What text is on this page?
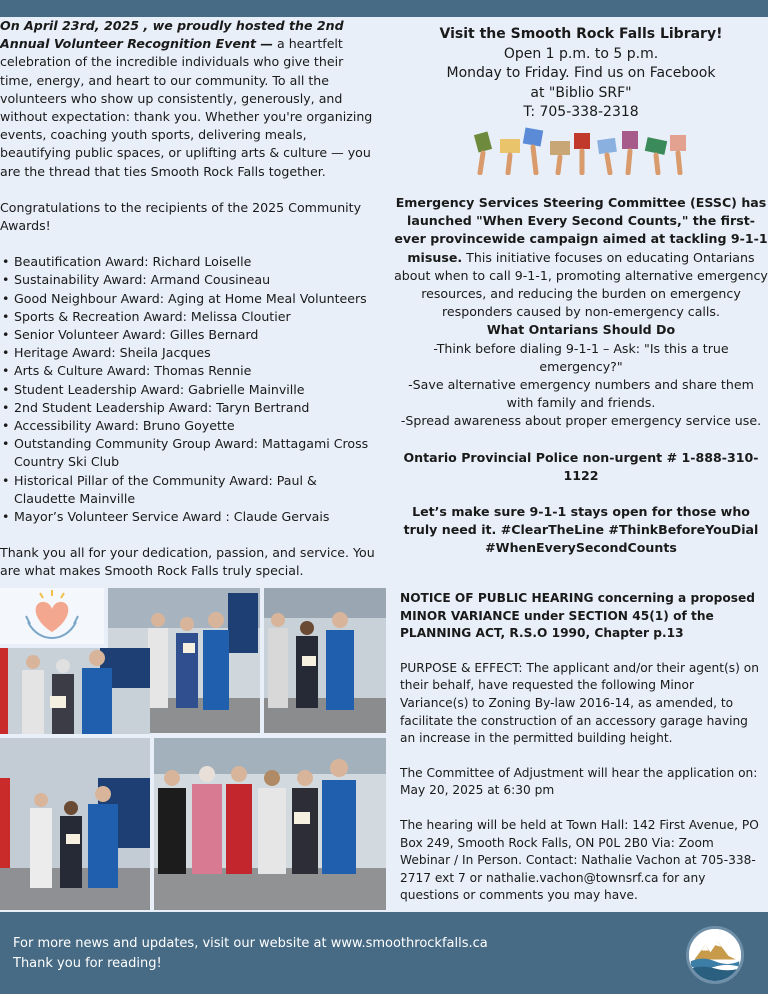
On April 23rd, 2025 , we proudly hosted the 2nd Annual Volunteer Recognition Event — a heartfelt celebration of the incredible individuals who give their time, energy, and heart to our community. To all the volunteers who show up consistently, generously, and without expectation: thank you. Whether you're organizing events, coaching youth sports, delivering meals, beautifying public spaces, or uplifting arts & culture — you are the thread that ties Smooth Rock Falls together.

Congratulations to the recipients of the 2025 Community Awards!

• Beautification Award: Richard Loiselle
• Sustainability Award: Armand Cousineau
• Good Neighbour Award: Aging at Home Meal Volunteers
• Sports & Recreation Award: Melissa Cloutier
• Senior Volunteer Award: Gilles Bernard
• Heritage Award: Sheila Jacques
• Arts & Culture Award: Thomas Rennie
• Student Leadership Award: Gabrielle Mainville
• 2nd Student Leadership Award: Taryn Bertrand
• Accessibility Award: Bruno Goyette
• Outstanding Community Group Award: Mattagami Cross Country Ski Club
• Historical Pillar of the Community Award: Paul & Claudette Mainville
• Mayor’s Volunteer Service Award : Claude Gervais

Thank you all for your dedication, passion, and service. You are what makes Smooth Rock Falls truly special.

Visit the Smooth Rock Falls Library!
Open 1 p.m. to 5 p.m.
Monday to Friday. Find us on Facebook
at "Biblio SRF"
T: 705-338-2318

Emergency Services Steering Committee (ESSC) has launched "When Every Second Counts," the first-ever provincewide campaign aimed at tackling 9-1-1 misuse. This initiative focuses on educating Ontarians about when to call 9-1-1, promoting alternative emergency resources, and reducing the burden on emergency responders caused by non-emergency calls.

What Ontarians Should Do

-Think before dialing 9-1-1 – Ask: "Is this a true emergency?"

-Save alternative emergency numbers and share them with family and friends.

-Spread awareness about proper emergency service use.

Ontario Provincial Police non-urgent # 1-888-310-1122

Let’s make sure 9-1-1 stays open for those who truly need it. #ClearTheLine #ThinkBeforeYouDial #WhenEverySecondCounts

NOTICE OF PUBLIC HEARING concerning a proposed MINOR VARIANCE under SECTION 45(1) of the PLANNING ACT, R.S.O 1990, Chapter p.13

PURPOSE & EFFECT: The applicant and/or their agent(s) on their behalf, have requested the following Minor Variance(s) to Zoning By-law 2016-14, as amended, to facilitate the construction of an accessory garage having an increase in the permitted building height.

The Committee of Adjustment will hear the application on: May 20, 2025 at 6:30 pm

The hearing will be held at Town Hall: 142 First Avenue, PO Box 249, Smooth Rock Falls, ON P0L 2B0 Via: Zoom Webinar / In Person. Contact: Nathalie Vachon at 705-338-2717 ext 7 or nathalie.vachon@townsrf.ca for any questions or comments you may have.

For more news and updates, visit our website at www.smoothrockfalls.ca
Thank you for reading!
